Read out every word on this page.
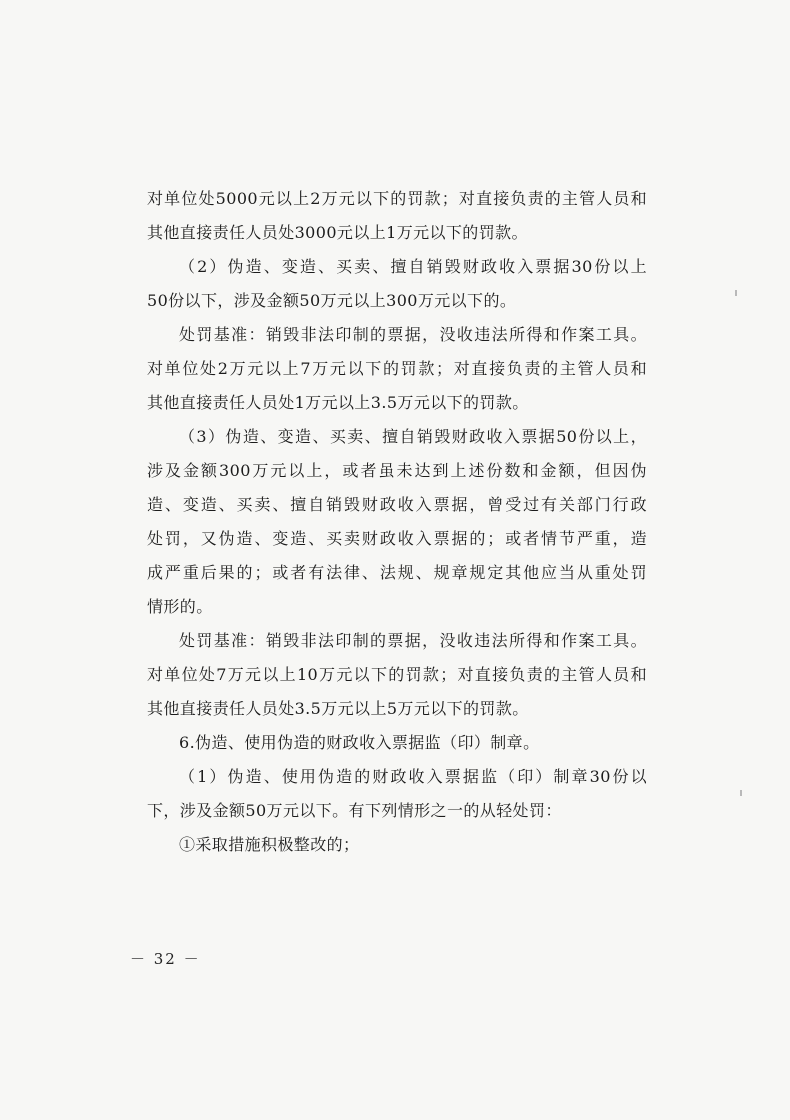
对单位处5000元以上2万元以下的罚款；对直接负责的主管人员和
其他直接责任人员处3000元以上1万元以下的罚款。
（2）伪造、变造、买卖、擅自销毁财政收入票据30份以上
50份以下，涉及金额50万元以上300万元以下的。
处罚基准：销毁非法印制的票据，没收违法所得和作案工具。
对单位处2万元以上7万元以下的罚款；对直接负责的主管人员和
其他直接责任人员处1万元以上3.5万元以下的罚款。
（3）伪造、变造、买卖、擅自销毁财政收入票据50份以上，
涉及金额300万元以上，或者虽未达到上述份数和金额，但因伪
造、变造、买卖、擅自销毁财政收入票据，曾受过有关部门行政
处罚，又伪造、变造、买卖财政收入票据的；或者情节严重，造
成严重后果的；或者有法律、法规、规章规定其他应当从重处罚
情形的。
处罚基准：销毁非法印制的票据，没收违法所得和作案工具。
对单位处7万元以上10万元以下的罚款；对直接负责的主管人员和
其他直接责任人员处3.5万元以上5万元以下的罚款。
6.伪造、使用伪造的财政收入票据监（印）制章。
（1）伪造、使用伪造的财政收入票据监（印）制章30份以
下，涉及金额50万元以下。有下列情形之一的从轻处罚：
①采取措施积极整改的；
－ 32 －
